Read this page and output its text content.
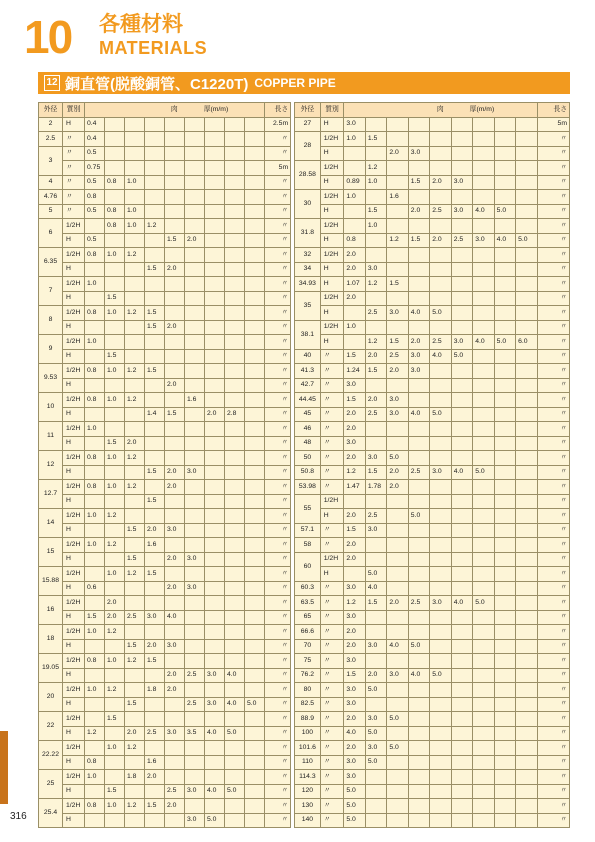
10 各種材料
MATERIALS
12 銅直管(脱酸銅管、C1220T) COPPER PIPE
外径	質別	肉 厚(m/m)									長さ
2	H	0.4									2.5m
2.5	〃	0.4									〃
3	〃	0.5									〃
	〃	0.75									5m
4	〃	0.5	0.8	1.0							〃
4.76	〃	0.8									〃
5	〃	0.5	0.8	1.0							〃
6	1/2H		0.8	1.0	1.2						〃
	H	0.5				1.5	2.0				〃
6.35	1/2H	0.8	1.0	1.2							〃
	H				1.5	2.0					〃
7	1/2H	1.0									〃
	H		1.5								〃
8	1/2H	0.8	1.0	1.2	1.5						〃
	H				1.5	2.0					〃
9	1/2H	1.0									〃
	H		1.5								〃
9.53	1/2H	0.8	1.0	1.2	1.5						〃
	H					2.0					〃
10	1/2H	0.8	1.0	1.2			1.6				〃
	H				1.4	1.5		2.0	2.8		〃
11	1/2H	1.0									〃
	H		1.5	2.0							〃
12	1/2H	0.8	1.0	1.2							〃
	H				1.5	2.0	3.0				〃
12.7	1/2H	0.8	1.0	1.2		2.0					〃
	H				1.5						〃
14	1/2H	1.0	1.2								〃
	H			1.5	2.0	3.0					〃
15	1/2H	1.0	1.2		1.6						〃
	H			1.5		2.0	3.0				〃
15.88	1/2H		1.0	1.2	1.5						〃
	H	0.6				2.0	3.0				〃
16	1/2H		2.0								〃
	H	1.5	2.0	2.5	3.0	4.0					〃
18	1/2H	1.0	1.2								〃
	H			1.5	2.0	3.0					〃
19.05	1/2H	0.8	1.0	1.2	1.5						〃
	H					2.0	2.5	3.0	4.0		〃
20	1/2H	1.0	1.2		1.8	2.0					〃
	H			1.5			2.5	3.0	4.0	5.0	〃
22	1/2H		1.5								〃
	H	1.2		2.0	2.5	3.0	3.5	4.0	5.0		〃
22.22	1/2H		1.0	1.2							〃
	H	0.8			1.6						〃
25	1/2H	1.0		1.8	2.0						〃
	H		1.5			2.5	3.0	4.0	5.0		〃
25.4	1/2H	0.8	1.0	1.2	1.5	2.0					〃
	H						3.0	5.0			〃
外径	質別	肉 厚(m/m)									長さ
27	H	3.0									5m
28	1/2H	1.0	1.5								〃
	H			2.0	3.0						〃
28.58	1/2H		1.2								〃
	H	0.89	1.0		1.5	2.0	3.0				〃
30	1/2H	1.0		1.6							〃
	H		1.5		2.0	2.5	3.0	4.0	5.0		〃
31.8	1/2H		1.0								〃
	H	0.8		1.2	1.5	2.0	2.5	3.0	4.0	5.0	〃
32	1/2H	2.0									〃
34	H	2.0	3.0								〃
34.93	H	1.07	1.2	1.5							〃
35	1/2H	2.0									〃
	H		2.5	3.0	4.0	5.0					〃
38.1	1/2H	1.0									〃
	H		1.2	1.5	2.0	2.5	3.0	4.0	5.0	6.0	〃
40	〃	1.5	2.0	2.5	3.0	4.0	5.0				〃
41.3	〃	1.24	1.5	2.0	3.0						〃
42.7	〃	3.0									〃
44.45	〃	1.5	2.0	3.0							〃
45	〃	2.0	2.5	3.0	4.0	5.0					〃
46	〃	2.0									〃
48	〃	3.0									〃
50	〃	2.0	3.0	5.0							〃
50.8	〃	1.2	1.5	2.0	2.5	3.0	4.0	5.0			〃
53.98	〃	1.47	1.78	2.0							〃
55	1/2H										〃
	H	2.0	2.5		5.0						〃
57.1	〃	1.5	3.0								〃
58	〃	2.0									〃
60	1/2H	2.0									〃
	H		5.0								〃
60.3	〃	3.0	4.0								〃
63.5	〃	1.2	1.5	2.0	2.5	3.0	4.0	5.0			〃
65	〃	3.0									〃
66.6	〃	2.0									〃
70	〃	2.0	3.0	4.0	5.0						〃
75	〃	3.0									〃
76.2	〃	1.5	2.0	3.0	4.0	5.0					〃
80	〃	3.0	5.0								〃
82.5	〃	3.0									〃
88.9	〃	2.0	3.0	5.0							〃
100	〃	4.0	5.0								〃
101.6	〃	2.0	3.0	5.0							〃
110	〃	3.0	5.0								〃
114.3	〃	3.0									〃
120	〃	5.0									〃
130	〃	5.0									〃
140	〃	5.0									〃
316
